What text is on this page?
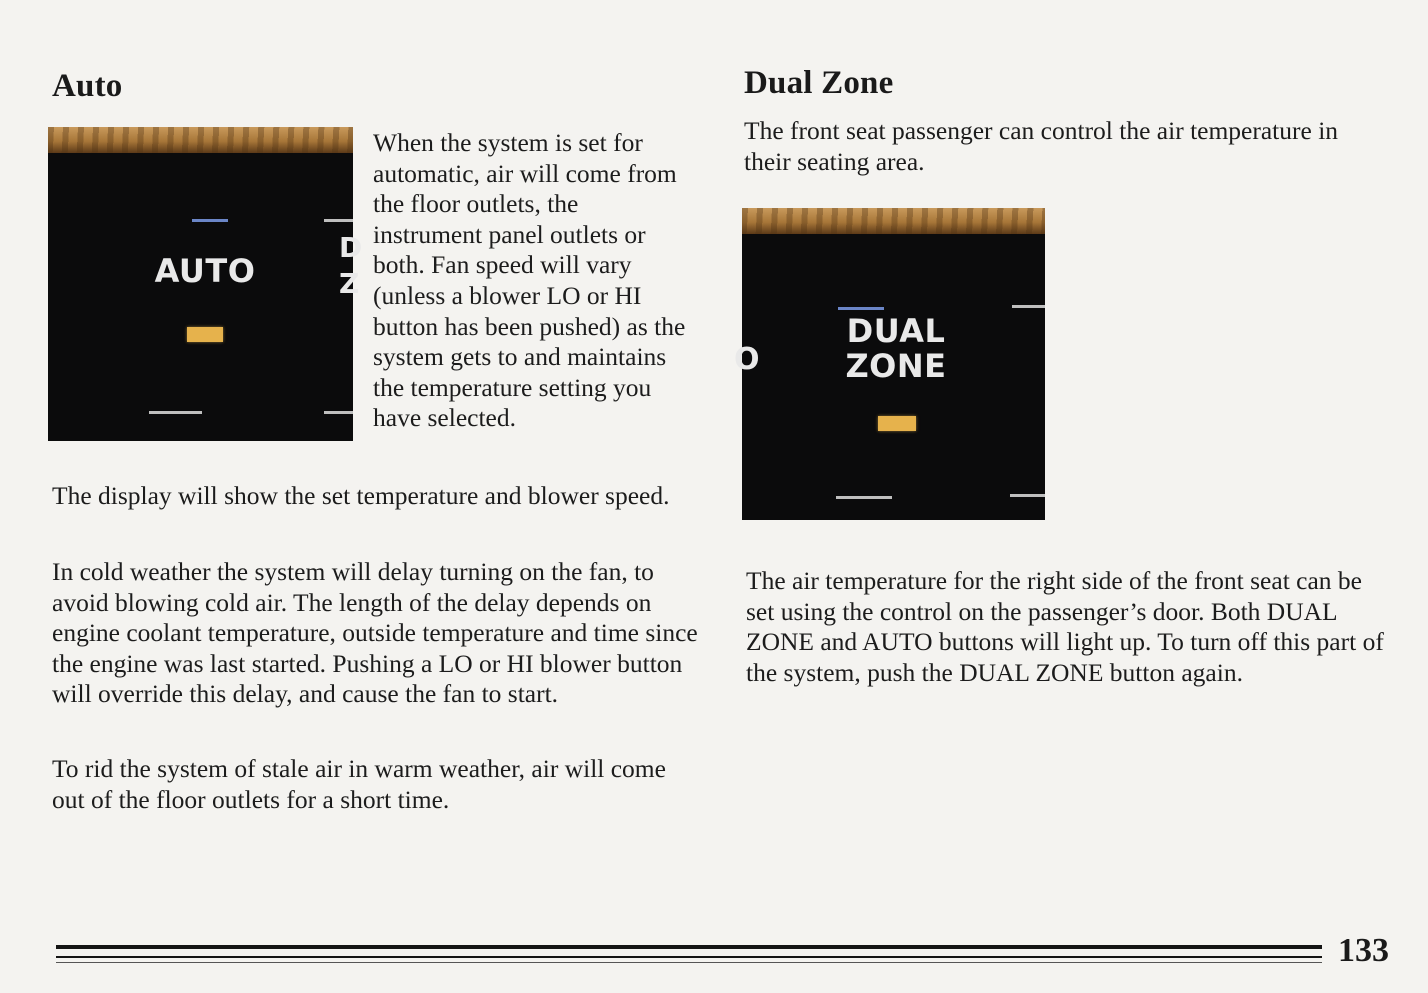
Auto
AUTO
D
Z

When the system is set for automatic, air will come from the floor outlets, the instrument panel outlets or both. Fan speed will vary (unless a blower LO or HI button has been pushed) as the system gets to and maintains the temperature setting you have selected.

The display will show the set temperature and blower speed.

In cold weather the system will delay turning on the fan, to avoid blowing cold air. The length of the delay depends on engine coolant temperature, outside temperature and time since the engine was last started. Pushing a LO or HI blower button will override this delay, and cause the fan to start.

To rid the system of stale air in warm weather, air will come out of the floor outlets for a short time.

Dual Zone

The front seat passenger can control the air temperature in their seating area.

O
DUAL
ZONE

The air temperature for the right side of the front seat can be set using the control on the passenger’s door. Both DUAL ZONE and AUTO buttons will light up. To turn off this part of the system, push the DUAL ZONE button again.

133
